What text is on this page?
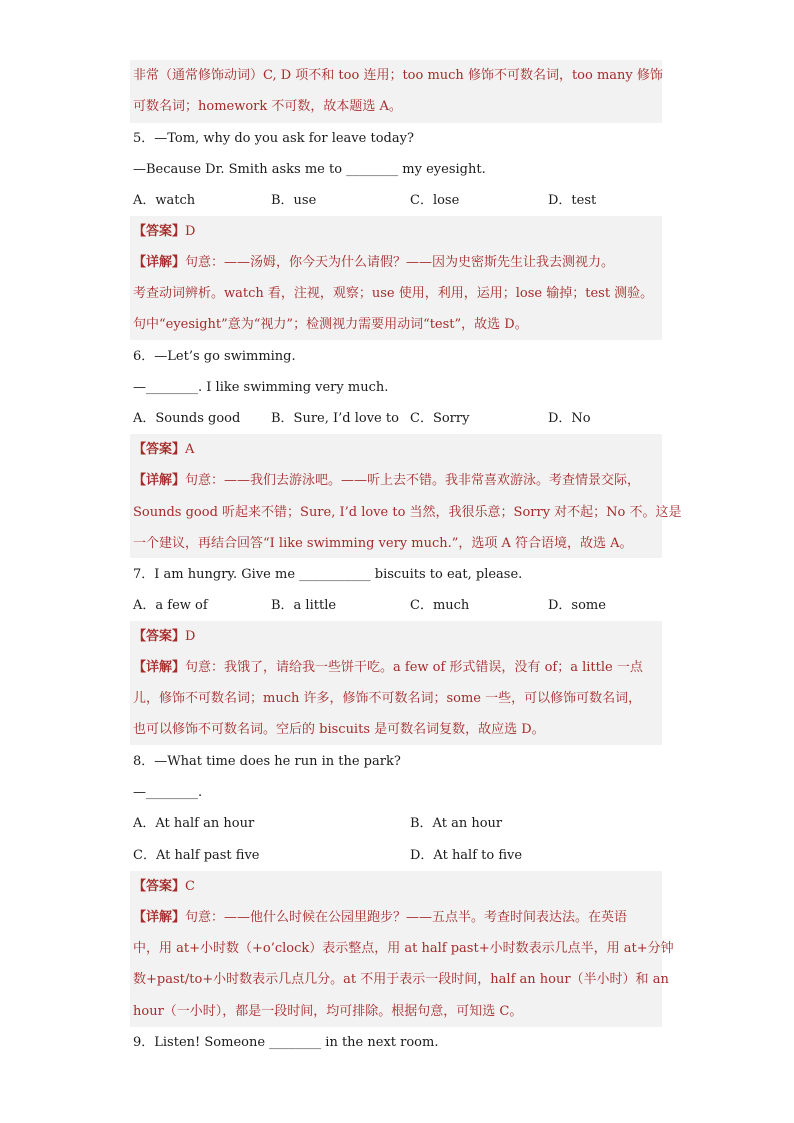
非常（通常修饰动词）C, D 项不和 too 连用；too much 修饰不可数名词，too many 修饰
可数名词；homework 不可数，故本题选 A。
5．—Tom, why do you ask for leave today?
—Because Dr. Smith asks me to ________ my eyesight.
A．watch	B．use	C．lose	D．test
【答案】D
【详解】句意：——汤姆，你今天为什么请假？——因为史密斯先生让我去测视力。
考查动词辨析。watch 看，注视，观察；use 使用，利用，运用；lose 输掉；test 测验。
句中“eyesight”意为“视力”；检测视力需要用动词“test”，故选 D。
6．—Let’s go swimming.
—________. I like swimming very much.
A．Sounds good B．Sure, I’d love to C．Sorry	D．No
【答案】A
【详解】句意：——我们去游泳吧。——听上去不错。我非常喜欢游泳。考查情景交际，
Sounds good 听起来不错；Sure, I’d love to 当然，我很乐意；Sorry 对不起；No 不。这是
一个建议，再结合回答“I like swimming very much.”，选项 A 符合语境，故选 A。
7．I am hungry. Give me ___________ biscuits to eat, please.
A．a few of	B．a little	C．much	D．some
【答案】D
【详解】句意：我饿了，请给我一些饼干吃。a few of 形式错误，没有 of；a little 一点
儿，修饰不可数名词；much 许多，修饰不可数名词；some 一些，可以修饰可数名词，
也可以修饰不可数名词。空后的 biscuits 是可数名词复数，故应选 D。
8．—What time does he run in the park?
—________.
A．At half an hour	B．At an hour
C．At half past five	D．At half to five
【答案】C
【详解】句意：——他什么时候在公园里跑步？——五点半。考查时间表达法。在英语
中，用 at+小时数（+o’clock）表示整点，用 at half past+小时数表示几点半，用 at+分钟
数+past/to+小时数表示几点几分。at 不用于表示一段时间，half an hour（半小时）和 an
hour（一小时），都是一段时间，均可排除。根据句意，可知选 C。
9．Listen! Someone ________ in the next room.
